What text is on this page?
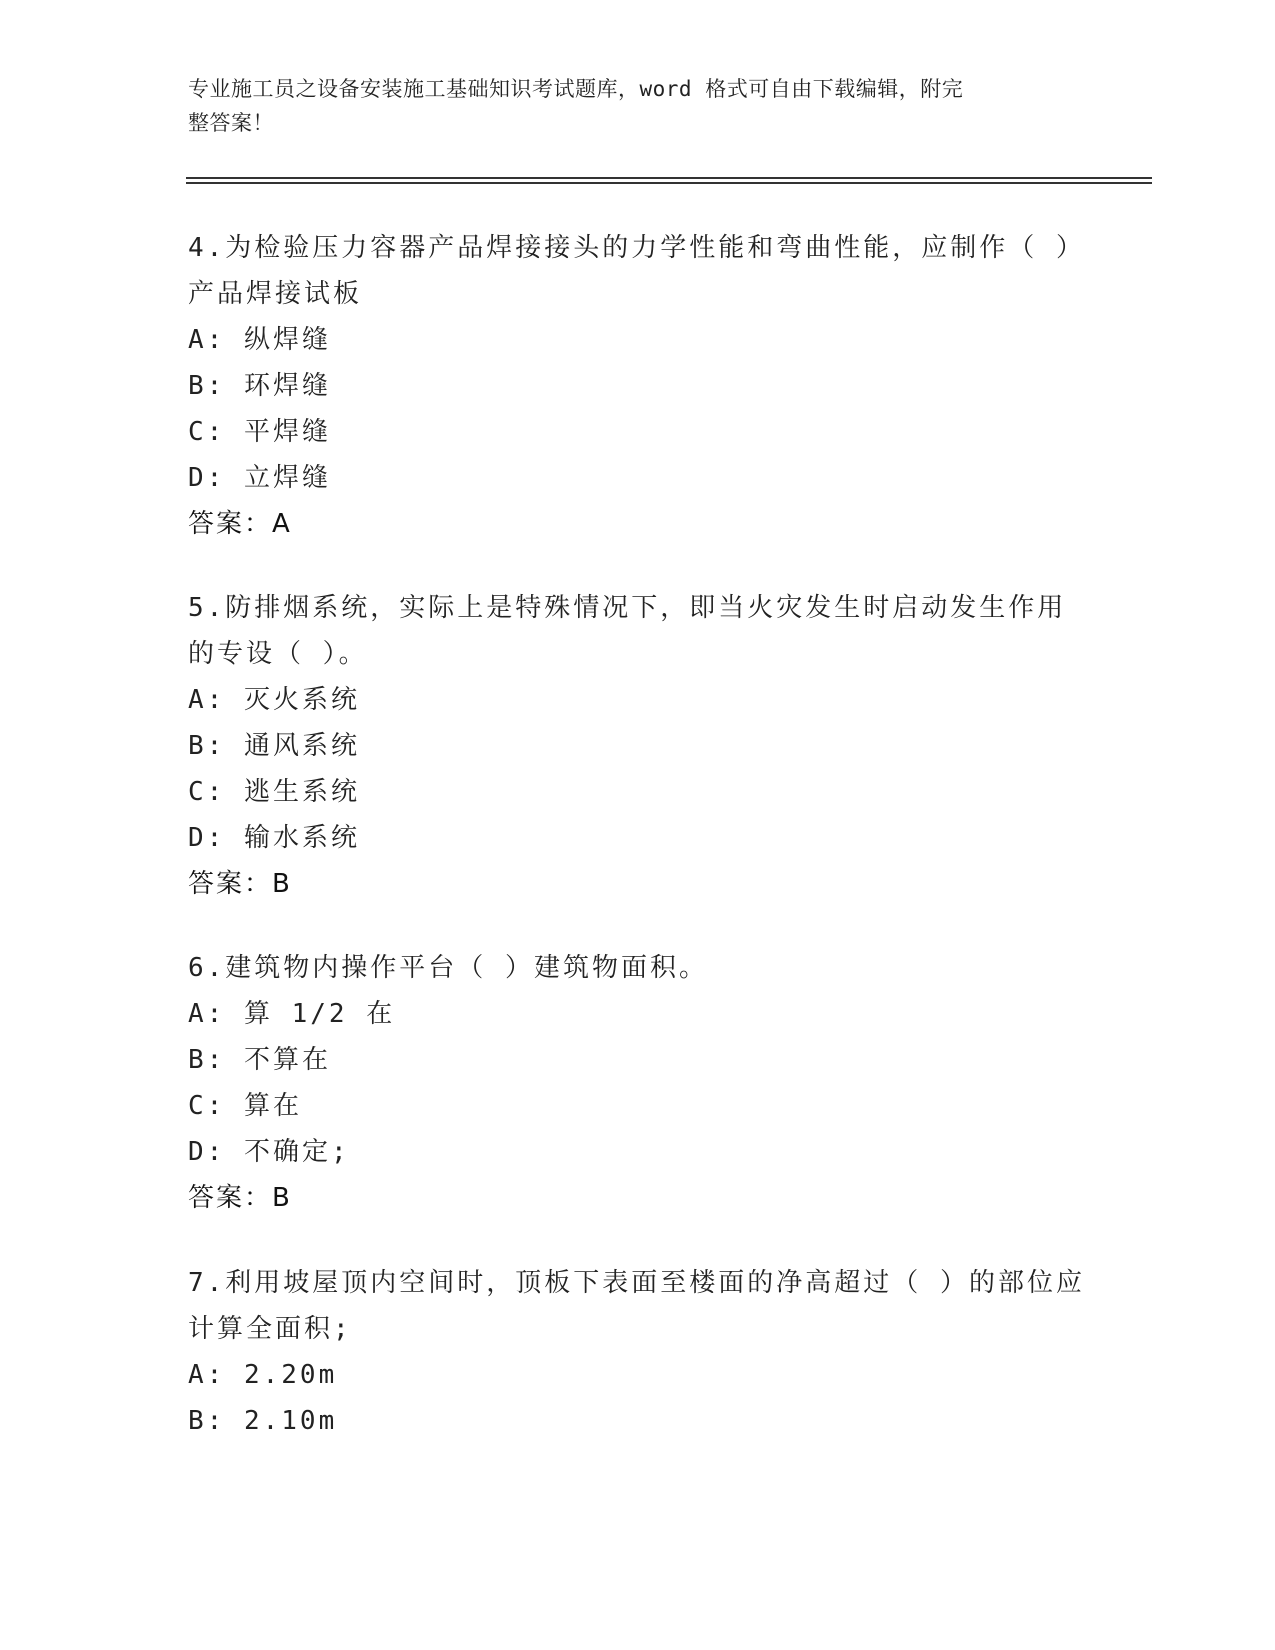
专业施工员之设备安装施工基础知识考试题库，word 格式可自由下载编辑，附完
整答案！

4.为检验压力容器产品焊接接头的力学性能和弯曲性能，应制作（ ）

产品焊接试板

A: 纵焊缝

B: 环焊缝

C: 平焊缝

D: 立焊缝

答案：A

5.防排烟系统，实际上是特殊情况下，即当火灾发生时启动发生作用

的专设（ ）。

A: 灭火系统

B: 通风系统

C: 逃生系统

D: 输水系统

答案：B

6.建筑物内操作平台（ ）建筑物面积。

A: 算 1/2 在

B: 不算在

C: 算在

D: 不确定;

答案：B

7.利用坡屋顶内空间时，顶板下表面至楼面的净高超过（ ）的部位应

计算全面积;

A: 2.20m

B: 2.10m
